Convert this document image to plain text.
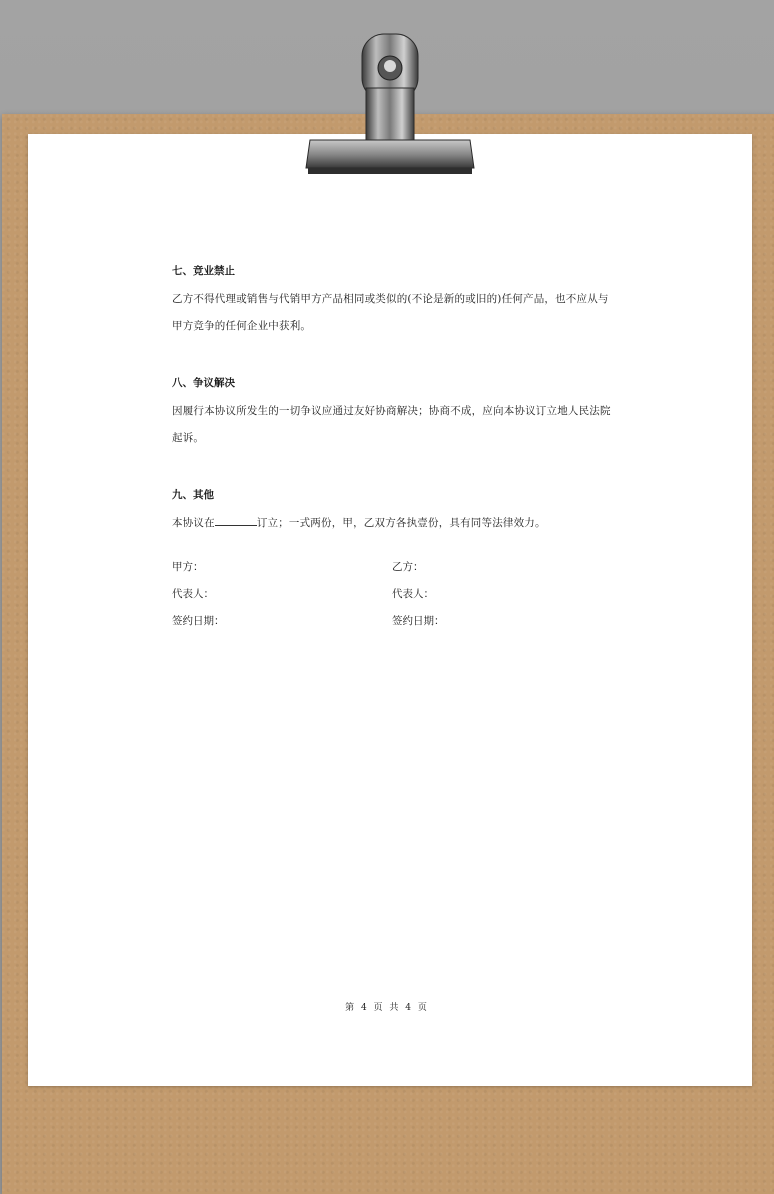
七、竞业禁止

乙方不得代理或销售与代销甲方产品相同或类似的(不论是新的或旧的)任何产品，也不应从与甲方竞争的任何企业中获利。

八、争议解决

因履行本协议所发生的一切争议应通过友好协商解决；协商不成，应向本协议订立地人民法院起诉。

九、其他

本协议在	订立；一式两份，甲，乙双方各执壹份，具有同等法律效力。

甲方：	乙方：
代表人：	代表人：
签约日期：	签约日期：
第 4 页 共 4 页
